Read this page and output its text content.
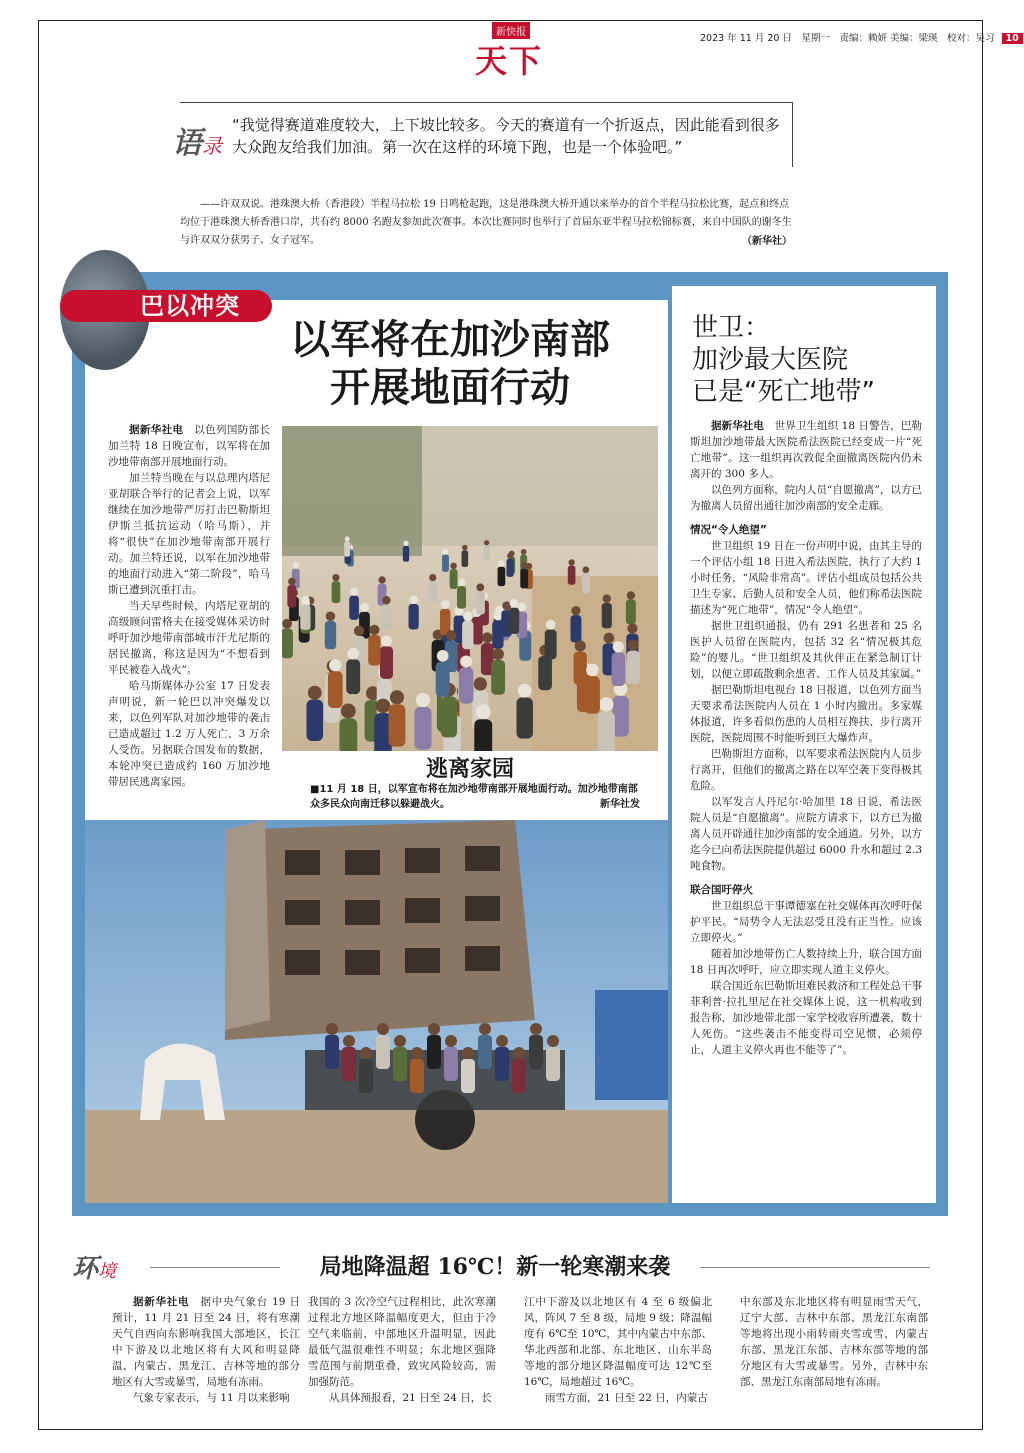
新快报
天下
2023 年 11 月 20 日　星期一　责编：赖妍 美编：梁瑛　校对：吴习 10
语录
“我觉得赛道难度较大，上下坡比较多。今天的赛道有一个折返点，因此能看到很多大众跑友给我们加油。第一次在这样的环境下跑，也是一个体验吧。”
——许双双说。港珠澳大桥（香港段）半程马拉松 19 日鸣枪起跑，这是港珠澳大桥开通以来举办的首个半程马拉松比赛，起点和终点均位于港珠澳大桥香港口岸，共有约 8000 名跑友参加此次赛事。本次比赛同时也举行了首届东亚半程马拉松锦标赛，来自中国队的谢冬生与许双双分获男子、女子冠军。	（新华社）
巴以冲突
以军将在加沙南部
开展地面行动

据新华社电　 以色列国防部长加兰特 18 日晚宣布，以军将在加沙地带南部开展地面行动。

加兰特当晚在与以总理内塔尼亚胡联合举行的记者会上说，以军继续在加沙地带严厉打击巴勒斯坦伊斯兰抵抗运动（哈马斯），并将“很快”在加沙地带南部开展行动。加兰特还说，以军在加沙地带的地面行动进入“第二阶段”，哈马斯已遭到沉重打击。

当天早些时候，内塔尼亚胡的高级顾问雷格夫在接受媒体采访时呼吁加沙地带南部城市汗尤尼斯的居民撤离，称这是因为“不想看到平民被卷入战火”。

哈马斯媒体办公室 17 日发表声明说，新一轮巴以冲突爆发以来，以色列军队对加沙地带的袭击已造成超过 1.2 万人死亡、3 万余人受伤。另据联合国发布的数据，本轮冲突已造成约 160 万加沙地带居民逃离家园。	逃离家园
■11 月 18 日，以军宣布将在加沙地带南部开展地面行动。加沙地带南部众多民众向南迁移以躲避战火。	新华社发
世卫：
加沙最大医院
已是“死亡地带”

据新华社电　 世界卫生组织 18 日警告，巴勒斯坦加沙地带最大医院希法医院已经变成一片“死亡地带”。这一组织再次敦促全面撤离医院内仍未离开的 300 多人。

以色列方面称，院内人员“自愿撤离”，以方已为撤离人员留出通往加沙南部的安全走廊。

情况“令人绝望”

世卫组织 19 日在一份声明中说，由其主导的一个评估小组 18 日进入希法医院，执行了大约 1 小时任务，“风险非常高”。评估小组成员包括公共卫生专家、后勤人员和安全人员，他们称希法医院描述为“死亡地带”，情况“令人绝望”。

据世卫组织通报，仍有 291 名患者和 25 名医护人员留在医院内，包括 32 名“情况极其危险”的婴儿。“世卫组织及其伙伴正在紧急制订计划，以便立即疏散剩余患者、工作人员及其家属。”

据巴勒斯坦电视台 18 日报道，以色列方面当天要求希法医院内人员在 1 小时内撤出。多家媒体报道，许多看似伤患的人员相互搀扶、步行离开医院，医院周围不时能听到巨大爆炸声。

巴勒斯坦方面称，以军要求希法医院内人员步行离开，但他们的撤离之路在以军空袭下变得极其危险。

以军发言人丹尼尔·哈加里 18 日说，希法医院人员是“自愿撤离”。应院方请求下，以方已为撤离人员开辟通往加沙南部的安全通道。另外，以方迄今已向希法医院提供超过 6000 升水和超过 2.3 吨食物。

联合国吁停火

世卫组织总干事谭德塞在社交媒体再次呼吁保护平民。“局势令人无法忍受且没有正当性。应该立即停火。”

随着加沙地带伤亡人数持续上升，联合国方面 18 日再次呼吁，应立即实现人道主义停火。

联合国近东巴勒斯坦难民救济和工程处总干事菲利普·拉扎里尼在社交媒体上说，这一机构收到报告称，加沙地带北部一家学校收容所遭袭，数十人死伤。“这些袭击不能变得司空见惯，必须停止，人道主义停火再也不能等了”。

环境	局地降温超 16℃！新一轮寒潮来袭

据新华社电　 据中央气象台 19 日预计，11 月 21 日至 24 日，将有寒潮天气自西向东影响我国大部地区，长江中下游及以北地区将有大风和明显降温，内蒙古、黑龙江、吉林等地的部分地区有大雪或暴雪，局地有冻雨。

气象专家表示，与 11 月以来影响

我国的 3 次冷空气过程相比，此次寒潮过程北方地区降温幅度更大，但由于冷空气来临前，中部地区升温明显，因此最低气温很难性不明显；东北地区强降雪范围与前期重叠，致灾风险较高，需加强防范。

从具体预报看，21 日至 24 日，长

江中下游及以北地区有 4 至 6 级偏北风，阵风 7 至 8 级，局地 9 级；降温幅度有 6℃至 10℃，其中内蒙古中东部、华北西部和北部、东北地区、山东半岛等地的部分地区降温幅度可达 12℃至 16℃，局地超过 16℃。

雨雪方面，21 日至 22 日，内蒙古

中东部及东北地区将有明显雨雪天气，辽宁大部、吉林中东部、黑龙江东南部等地将出现小雨转雨夹雪或雪，内蒙古东部、黑龙江东部、吉林东部等地的部分地区有大雪或暴雪。另外，吉林中东部、黑龙江东南部局地有冻雨。
